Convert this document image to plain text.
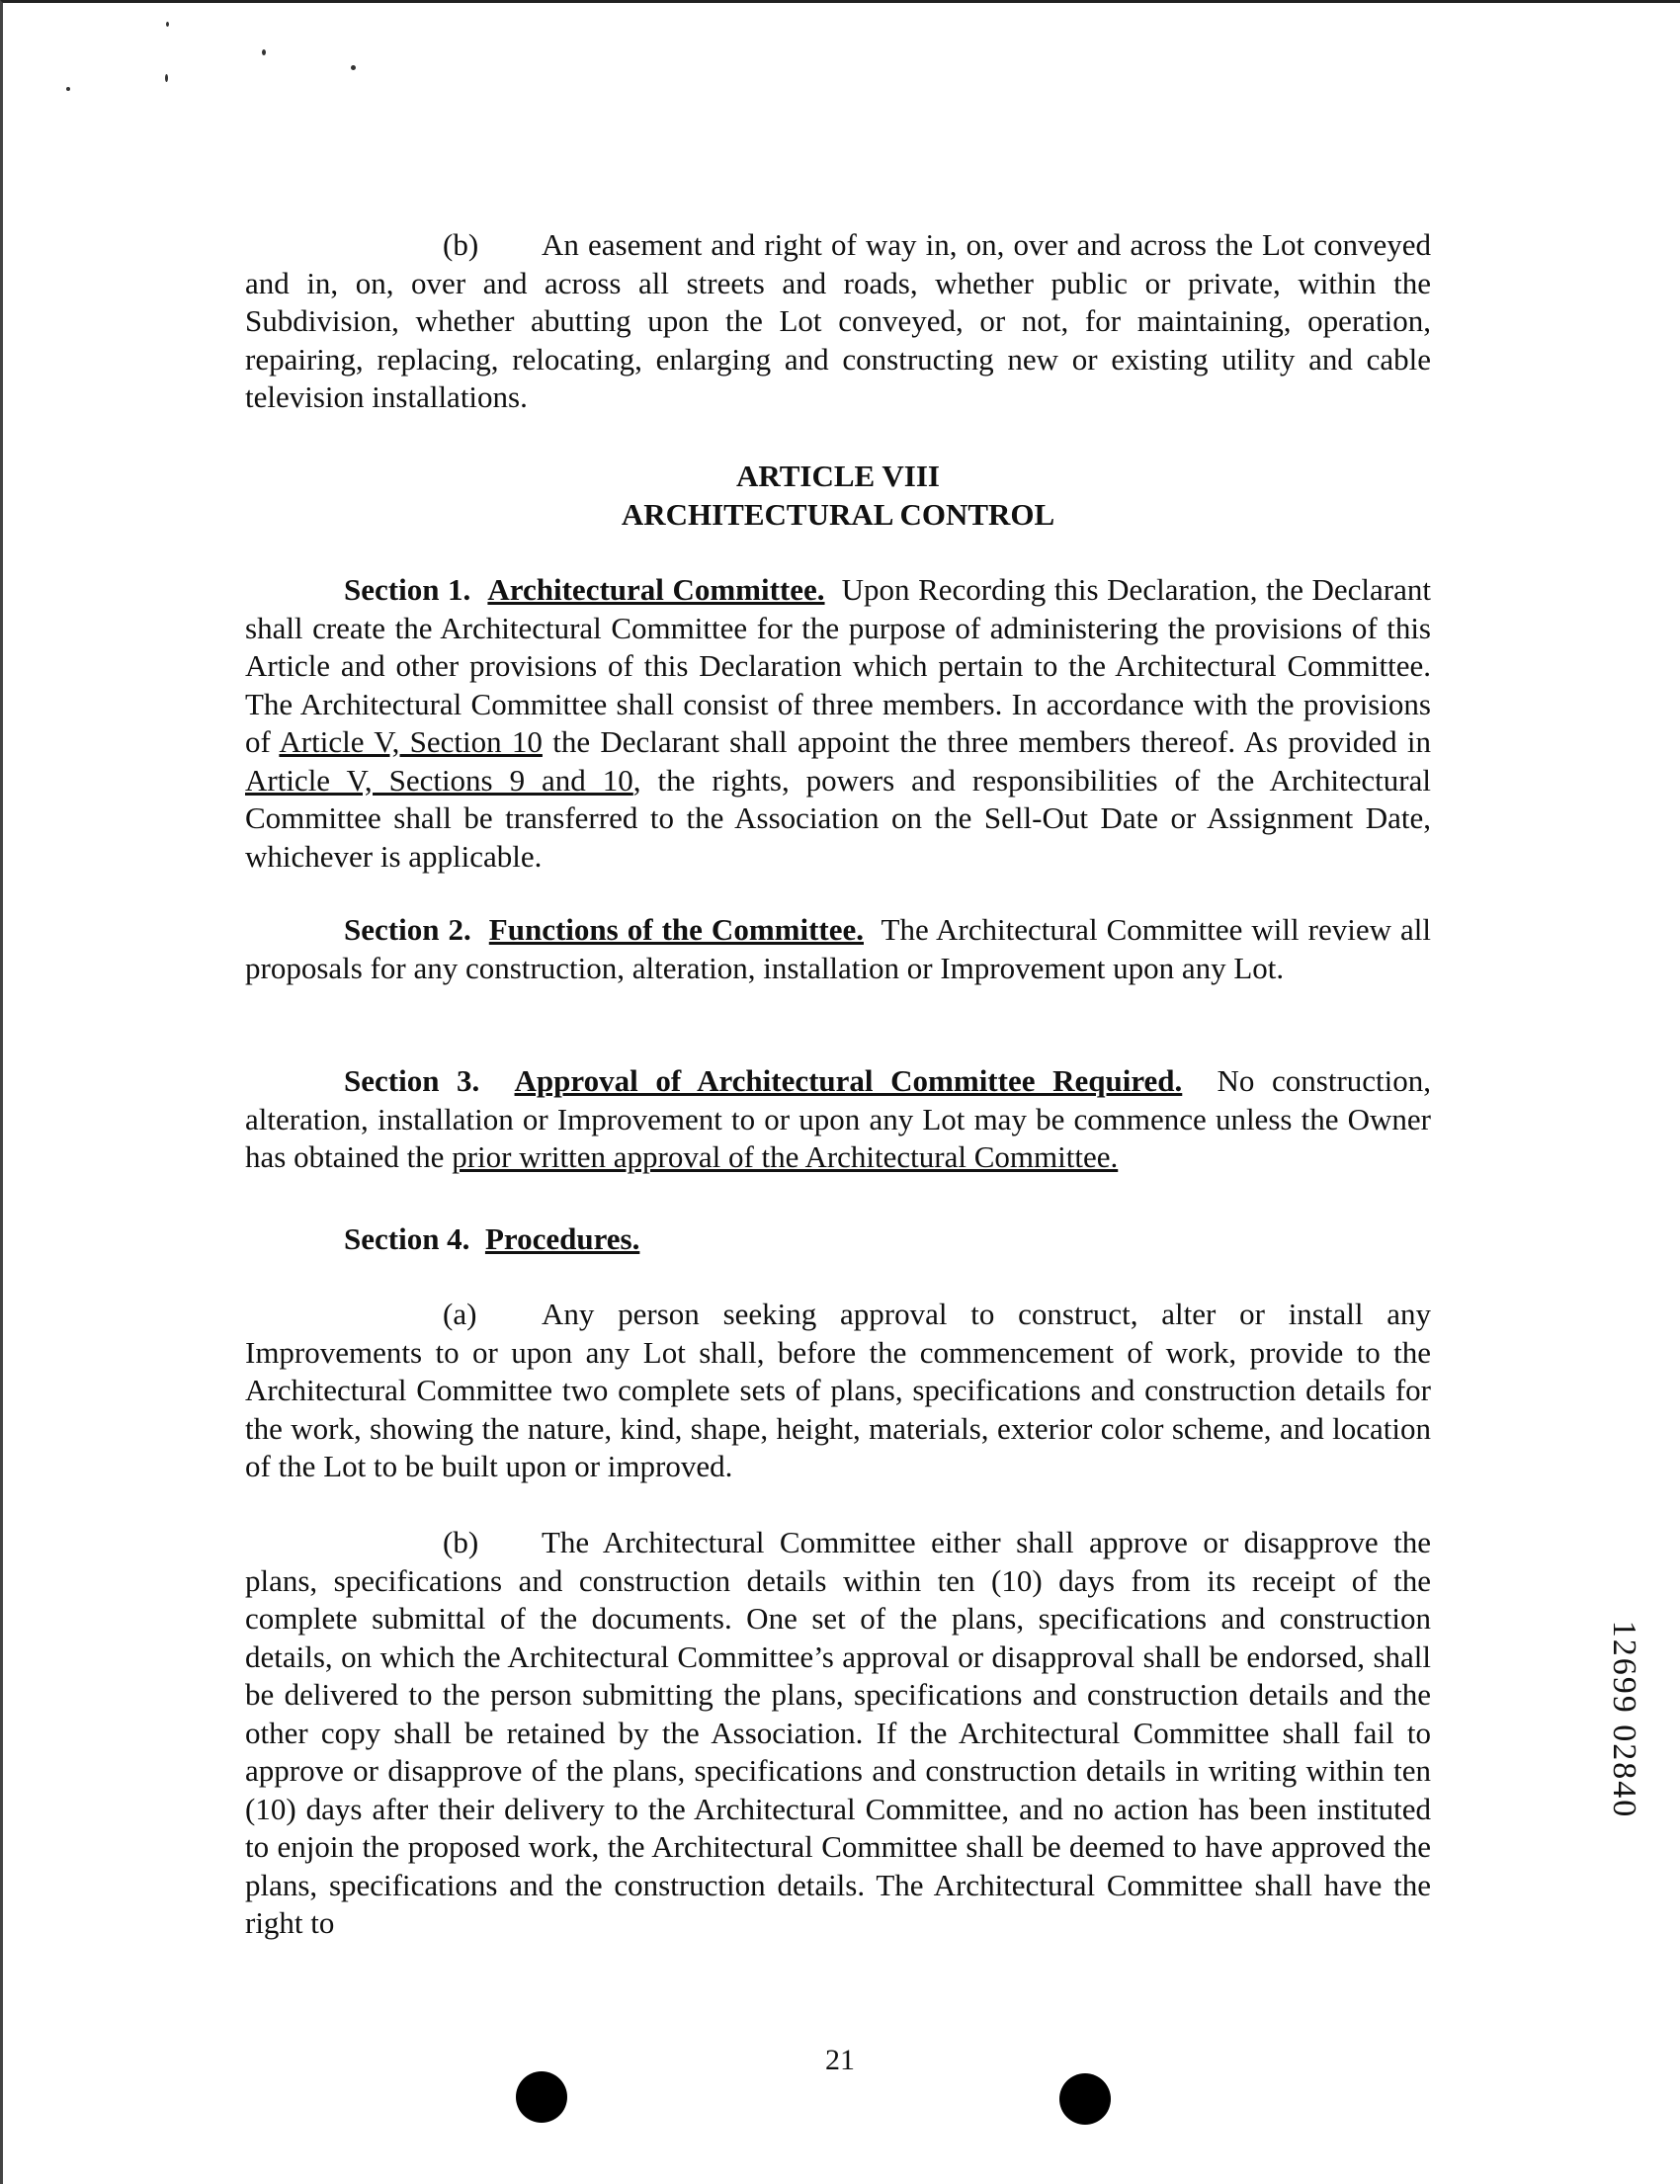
(b) An easement and right of way in, on, over and across the Lot conveyed and in, on, over and across all streets and roads, whether public or private, within the Subdivision, whether abutting upon the Lot conveyed, or not, for maintaining, operation, repairing, replacing, relocating, enlarging and constructing new or existing utility and cable television installations.

ARTICLE VIII
ARCHITECTURAL CONTROL

Section 1. Architectural Committee. Upon Recording this Declaration, the Declarant shall create the Architectural Committee for the purpose of administering the provisions of this Article and other provisions of this Declaration which pertain to the Architectural Committee. The Architectural Committee shall consist of three members. In accordance with the provisions of Article V, Section 10 the Declarant shall appoint the three members thereof. As provided in Article V, Sections 9 and 10, the rights, powers and responsibilities of the Architectural Committee shall be transferred to the Association on the Sell-Out Date or Assignment Date, whichever is applicable.

Section 2. Functions of the Committee. The Architectural Committee will review all proposals for any construction, alteration, installation or Improvement upon any Lot.

Section 3. Approval of Architectural Committee Required. No construction, alteration, installation or Improvement to or upon any Lot may be commence unless the Owner has obtained the prior written approval of the Architectural Committee.

Section 4. Procedures.

(a) Any person seeking approval to construct, alter or install any Improvements to or upon any Lot shall, before the commencement of work, provide to the Architectural Committee two complete sets of plans, specifications and construction details for the work, showing the nature, kind, shape, height, materials, exterior color scheme, and location of the Lot to be built upon or improved.

(b) The Architectural Committee either shall approve or disapprove the plans, specifications and construction details within ten (10) days from its receipt of the complete submittal of the documents. One set of the plans, specifications and construction details, on which the Architectural Committee’s approval or disapproval shall be endorsed, shall be delivered to the person submitting the plans, specifications and construction details and the other copy shall be retained by the Association. If the Architectural Committee shall fail to approve or disapprove of the plans, specifications and construction details in writing within ten (10) days after their delivery to the Architectural Committee, and no action has been instituted to enjoin the proposed work, the Architectural Committee shall be deemed to have approved the plans, specifications and the construction details. The Architectural Committee shall have the right to

12699 02840
21
